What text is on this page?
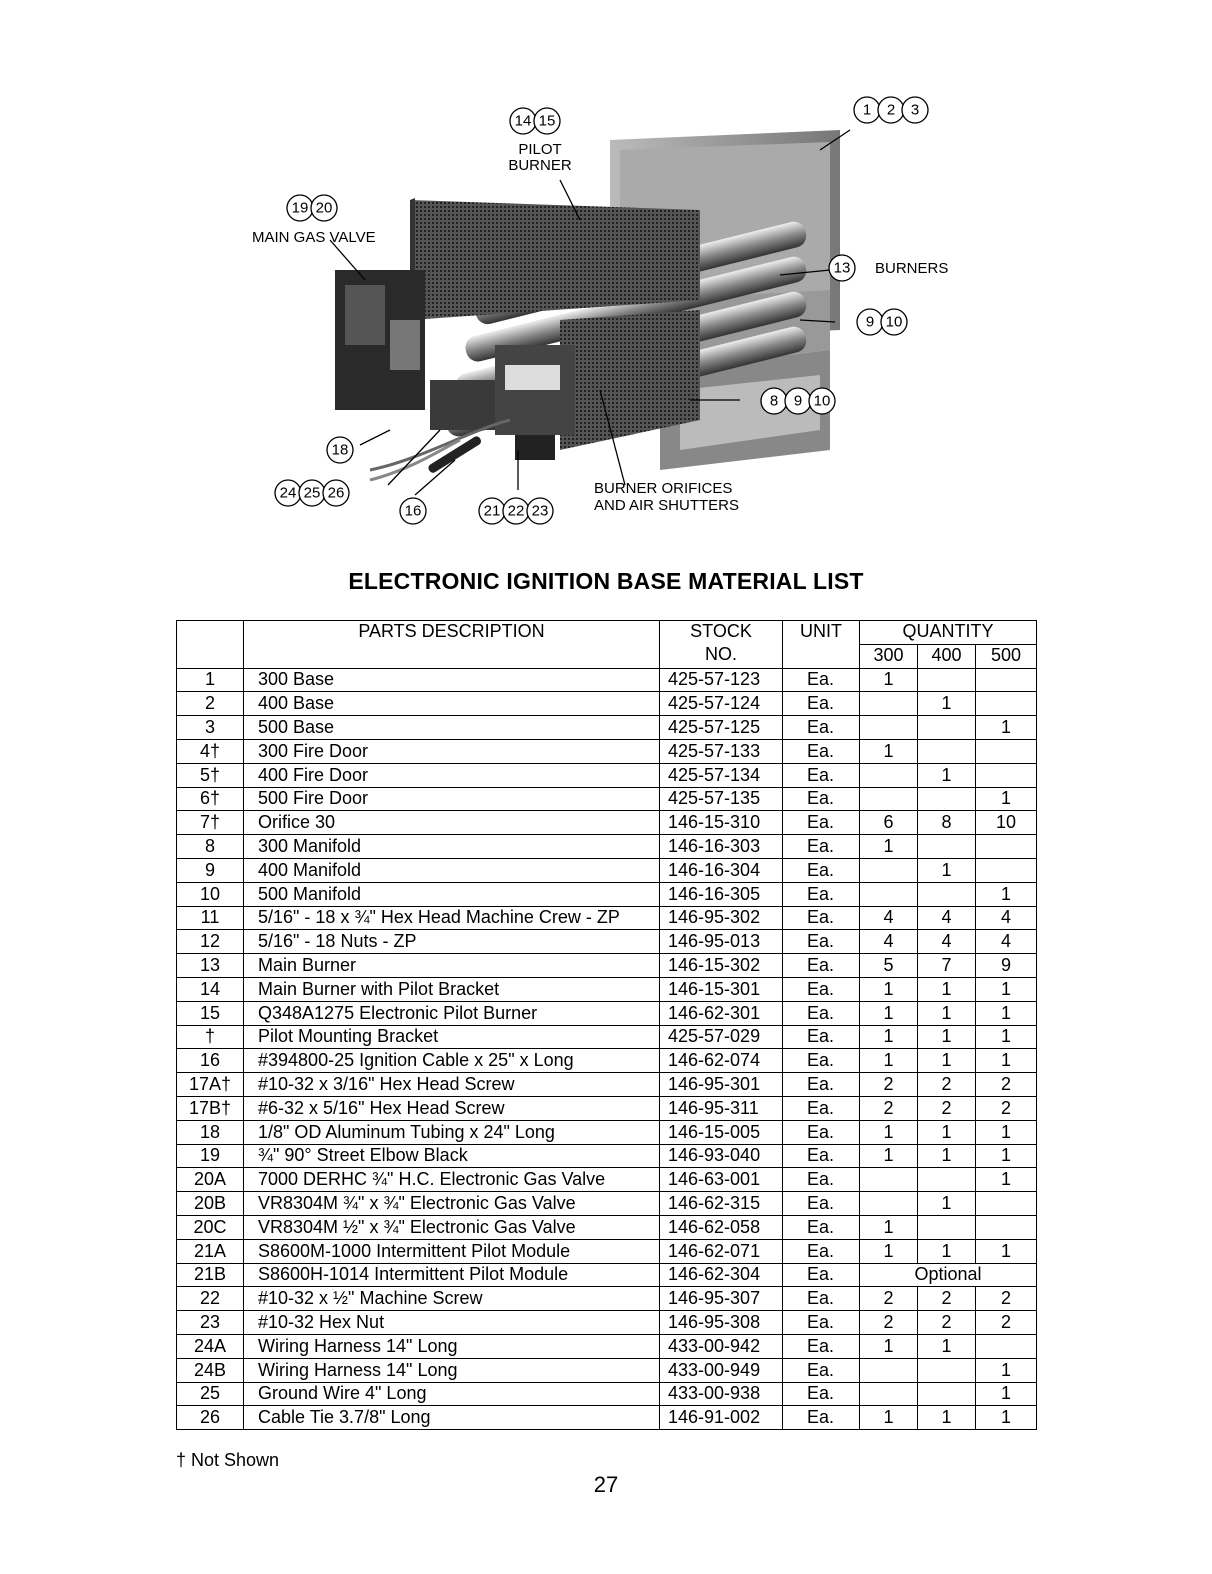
PILOT
BURNER
MAIN GAS VALVE
BURNERS
BURNER ORIFICES
AND AIR SHUTTERS
14 15
1 2 3
19 20
13
9 10
8 9 10
18
24 25 26
16	21 22 23
ELECTRONIC IGNITION BASE MATERIAL LIST
	PARTS DESCRIPTION	STOCK	UNIT	QUANTITY		
		NO.		300	400	500
1	300 Base	425-57-123	Ea.	1		
2	400 Base	425-57-124	Ea.		1	
3	500 Base	425-57-125	Ea.			1
4†	300 Fire Door	425-57-133	Ea.	1		
5†	400 Fire Door	425-57-134	Ea.		1	
6†	500 Fire Door	425-57-135	Ea.			1
7†	Orifice 30	146-15-310	Ea.	6	8	10
8	300 Manifold	146-16-303	Ea.	1		
9	400 Manifold	146-16-304	Ea.		1	
10	500 Manifold	146-16-305	Ea.			1
11	5/16" - 18 x ¾" Hex Head Machine Crew - ZP	146-95-302	Ea.	4	4	4
12	5/16" - 18 Nuts - ZP	146-95-013	Ea.	4	4	4
13	Main Burner	146-15-302	Ea.	5	7	9
14	Main Burner with Pilot Bracket	146-15-301	Ea.	1	1	1
15	Q348A1275 Electronic Pilot Burner	146-62-301	Ea.	1	1	1
†	Pilot Mounting Bracket	425-57-029	Ea.	1	1	1
16	#394800-25 Ignition Cable x 25" x Long	146-62-074	Ea.	1	1	1
17A†	#10-32 x 3/16" Hex Head Screw	146-95-301	Ea.	2	2	2
17B†	#6-32 x 5/16" Hex Head Screw	146-95-311	Ea.	2	2	2
18	1/8" OD Aluminum Tubing x 24" Long	146-15-005	Ea.	1	1	1
19	¾" 90° Street Elbow Black	146-93-040	Ea.	1	1	1
20A	7000 DERHC ¾" H.C. Electronic Gas Valve	146-63-001	Ea.			1
20B	VR8304M ¾" x ¾" Electronic Gas Valve	146-62-315	Ea.		1	
20C	VR8304M ½" x ¾" Electronic Gas Valve	146-62-058	Ea.	1		
21A	S8600M-1000 Intermittent Pilot Module	146-62-071	Ea.	1	1	1
21B	S8600H-1014 Intermittent Pilot Module	146-62-304	Ea.	Optional		
22	#10-32 x ½" Machine Screw	146-95-307	Ea.	2	2	2
23	#10-32 Hex Nut	146-95-308	Ea.	2	2	2
24A	Wiring Harness 14" Long	433-00-942	Ea.	1	1	
24B	Wiring Harness 14" Long	433-00-949	Ea.			1
25	Ground Wire 4" Long	433-00-938	Ea.			1
26	Cable Tie 3.7/8" Long	146-91-002	Ea.	1	1	1
† Not Shown
27
